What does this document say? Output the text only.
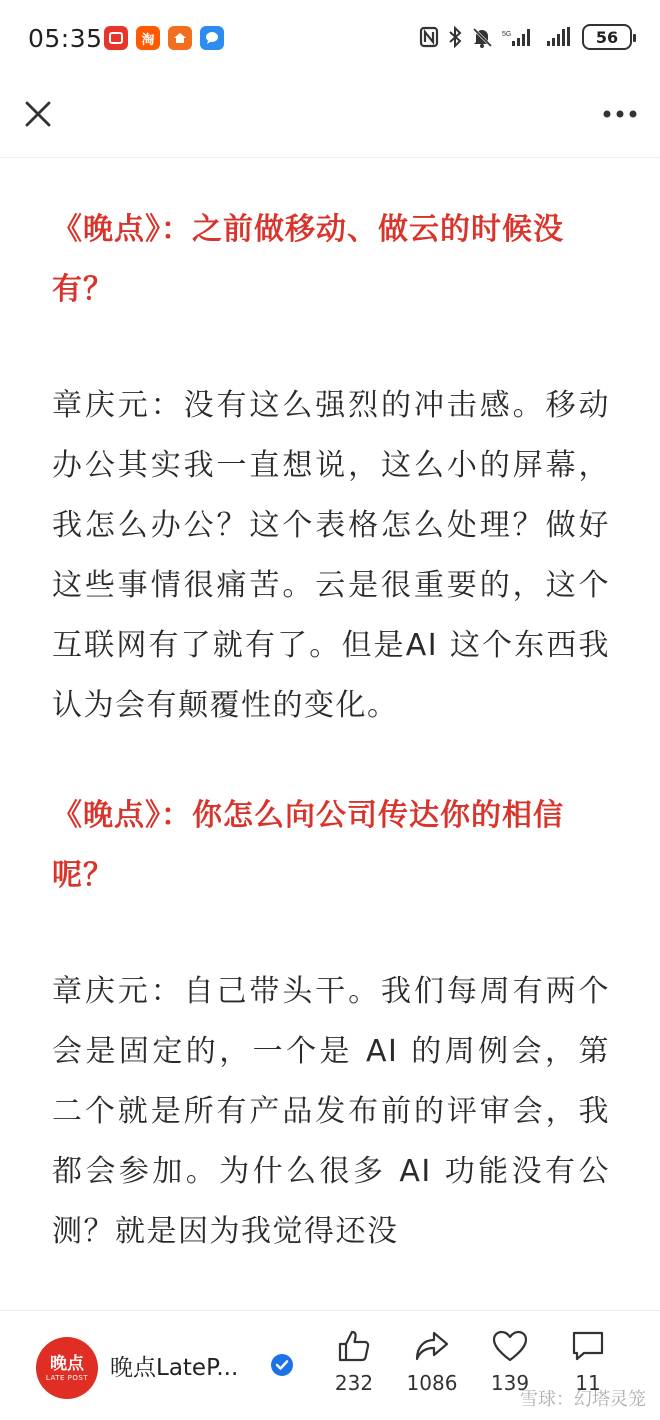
05:35	淘	5G	56

《晚点》：之前做移动、做云的时候没有？

章庆元：没有这么强烈的冲击感。移动办公其实我一直想说，这么小的屏幕，我怎么办公？这个表格怎么处理？做好这些事情很痛苦。云是很重要的，这个互联网有了就有了。但是AI 这个东西我认为会有颠覆性的变化。

《晚点》：你怎么向公司传达你的相信呢？

章庆元：自己带头干。我们每周有两个会是固定的，一个是 AI 的周例会，第二个就是所有产品发布前的评审会，我都会参加。为什么很多 AI 功能没有公测？就是因为我觉得还没

晚点
LATE POST 晚点LateP...
232 1086 139 11
雪球：幻塔灵笼
